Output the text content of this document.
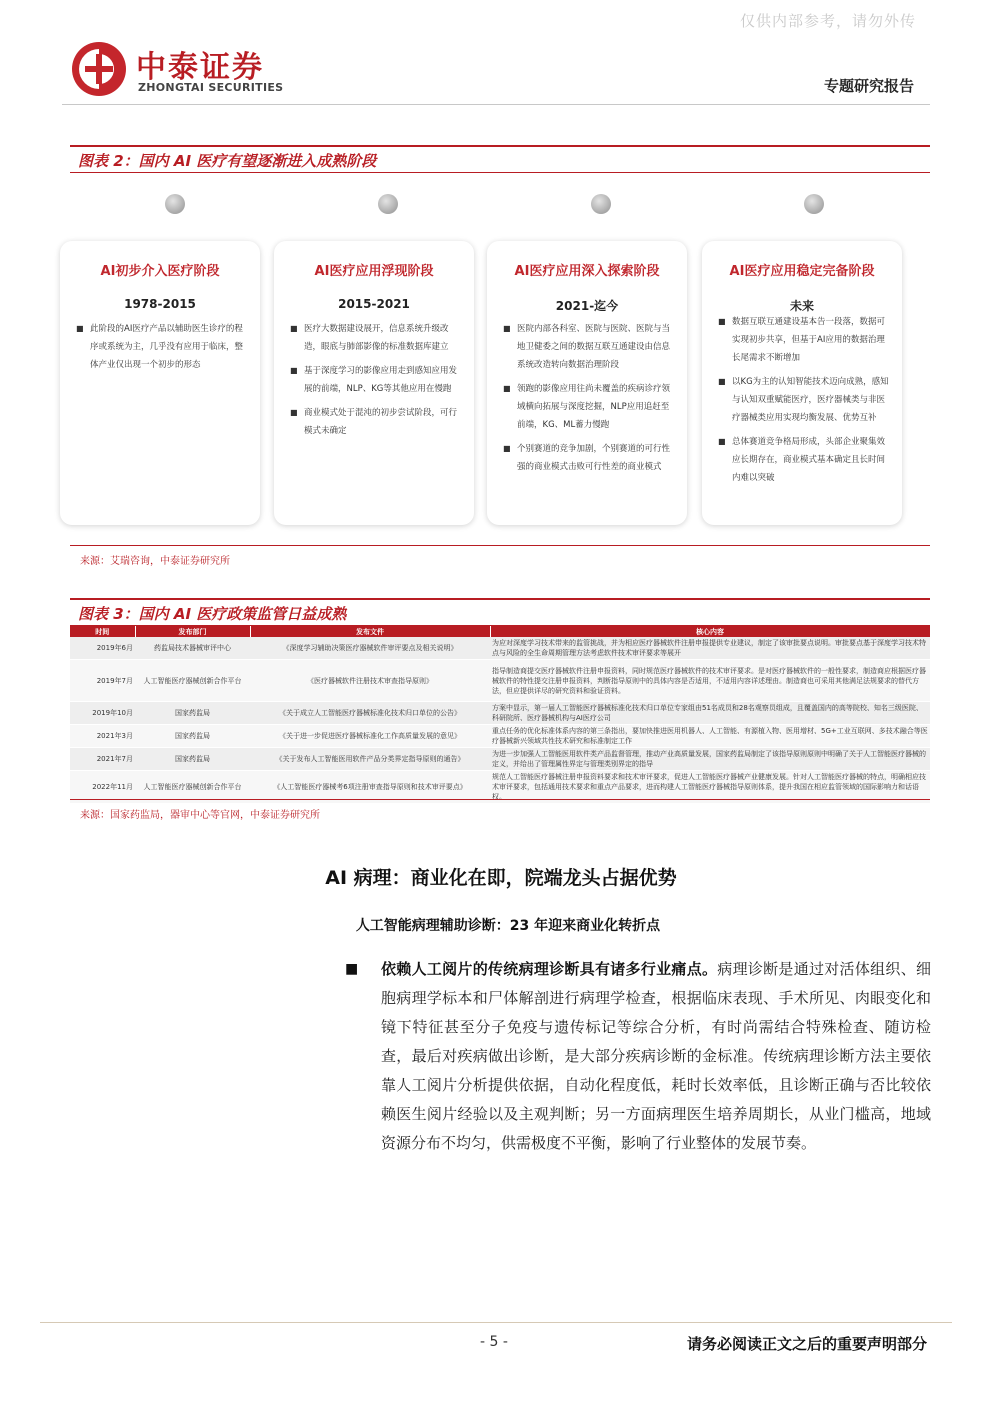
仅供内部参考，请勿外传
中泰证券
ZHONGTAI SECURITIES	专题研究报告
图表 2：国内 AI 医疗有望逐渐进入成熟阶段
AI初步介入医疗阶段
1978-2015
■ 此阶段的AI医疗产品以辅助医生诊疗的程序或系统为主，几乎没有应用于临床，整体产业仅出现一个初步的形态
AI医疗应用浮现阶段
2015-2021
■ 医疗大数据建设展开，信息系统升级改造，眼底与肺部影像的标准数据库建立
■ 基于深度学习的影像应用走到感知应用发展的前端，NLP、KG等其他应用在慢跑
■ 商业模式处于混沌的初步尝试阶段，可行模式未确定
AI医疗应用深入探索阶段
2021-迄今
■ 医院内部各科室、医院与医院、医院与当地卫健委之间的数据互联互通建设由信息系统改造转向数据治理阶段
■ 领跑的影像应用往尚未覆盖的疾病诊疗领域横向拓展与深度挖掘，NLP应用追赶至前端，KG、ML蓄力慢跑
■ 个别赛道的竞争加剧，个别赛道的可行性强的商业模式击败可行性差的商业模式
AI医疗应用稳定完备阶段
未来
■ 数据互联互通建设基本告一段落，数据可实现初步共享，但基于AI应用的数据治理长尾需求不断增加
■ 以KG为主的认知智能技术迈向成熟，感知与认知双重赋能医疗，医疗器械类与非医疗器械类应用实现均衡发展、优势互补
■ 总体赛道竞争格局形成，头部企业聚集效应长期存在，商业模式基本确定且长时间内难以突破
来源：艾瑞咨询，中泰证券研究所
图表 3：国内 AI 医疗政策监管日益成熟
时间	发布部门	发布文件	核心内容
2019年6月	药监局技术器械审评中心	《深度学习辅助决策医疗器械软件审评要点及相关说明》	为应对深度学习技术带来的监管挑战，并为相应医疗器械软件注册申报提供专业建议，制定了该审批要点说明。审批要点基于深度学习技术特点与风险的全生命周期管理方法考虑软件技术审评要求等展开
2019年7月	人工智能医疗器械创新合作平台	《医疗器械软件注册技术审查指导原则》	指导制造商提交医疗器械软件注册申报资料，同时规范医疗器械软件的技术审评要求。是对医疗器械软件的一般性要求，制造商应根据医疗器械软件的特性提交注册申报资料，判断指导原则中的具体内容是否适用，不适用内容详述理由。制造商也可采用其他满足法规要求的替代方法，但应提供详尽的研究资料和验证资料。
2019年10月	国家药监局	《关于成立人工智能医疗器械标准化技术归口单位的公告》	方案中显示，第一届人工智能医疗器械标准化技术归口单位专家组由51名成员和28名观察员组成，且覆盖国内的高等院校、知名三级医院、科研院所、医疗器械机构与AI医疗公司
2021年3月	国家药监局	《关于进一步促进医疗器械标准化工作高质量发展的意见》	重点任务的优化标准体系内容的第三条指出，要加快推进医用机器人、人工智能、有源植入物、医用增材、5G+工业互联网、多技术融合等医疗器械新兴领域共性技术研究和标准制定工作
2021年7月	国家药监局	《关于发布人工智能医用软件产品分类界定指导原则的通告》	为进一步加强人工智能医用软件类产品监督管理，推动产业高质量发展，国家药监局制定了该指导原则原则中明确了关于人工智能医疗器械的定义，并给出了管理属性界定与管理类别界定的指导
2022年11月	人工智能医疗器械创新合作平台	《人工智能医疗器械考6项注册审查指导原则和技术审评要点》	规范人工智能医疗器械注册申报资料要求和技术审评要求，促进人工智能医疗器械产业健康发展。针对人工智能医疗器械的特点，明确相应技术审评要求，包括通用技术要求和重点产品要求，进而构建人工智能医疗器械指导原则体系，提升我国在相应监管领域的国际影响力和话语权。
来源：国家药监局，器审中心等官网，中泰证券研究所
AI 病理：商业化在即，院端龙头占据优势
人工智能病理辅助诊断：23 年迎来商业化转折点
■ 依赖人工阅片的传统病理诊断具有诸多行业痛点。病理诊断是通过对活体组织、细胞病理学标本和尸体解剖进行病理学检查，根据临床表现、手术所见、肉眼变化和镜下特征甚至分子免疫与遗传标记等综合分析，有时尚需结合特殊检查、随访检查，最后对疾病做出诊断，是大部分疾病诊断的金标准。传统病理诊断方法主要依靠人工阅片分析提供依据，自动化程度低，耗时长效率低，且诊断正确与否比较依赖医生阅片经验以及主观判断；另一方面病理医生培养周期长，从业门槛高，地域资源分布不均匀，供需极度不平衡，影响了行业整体的发展节奏。

- 5 -	请务必阅读正文之后的重要声明部分
